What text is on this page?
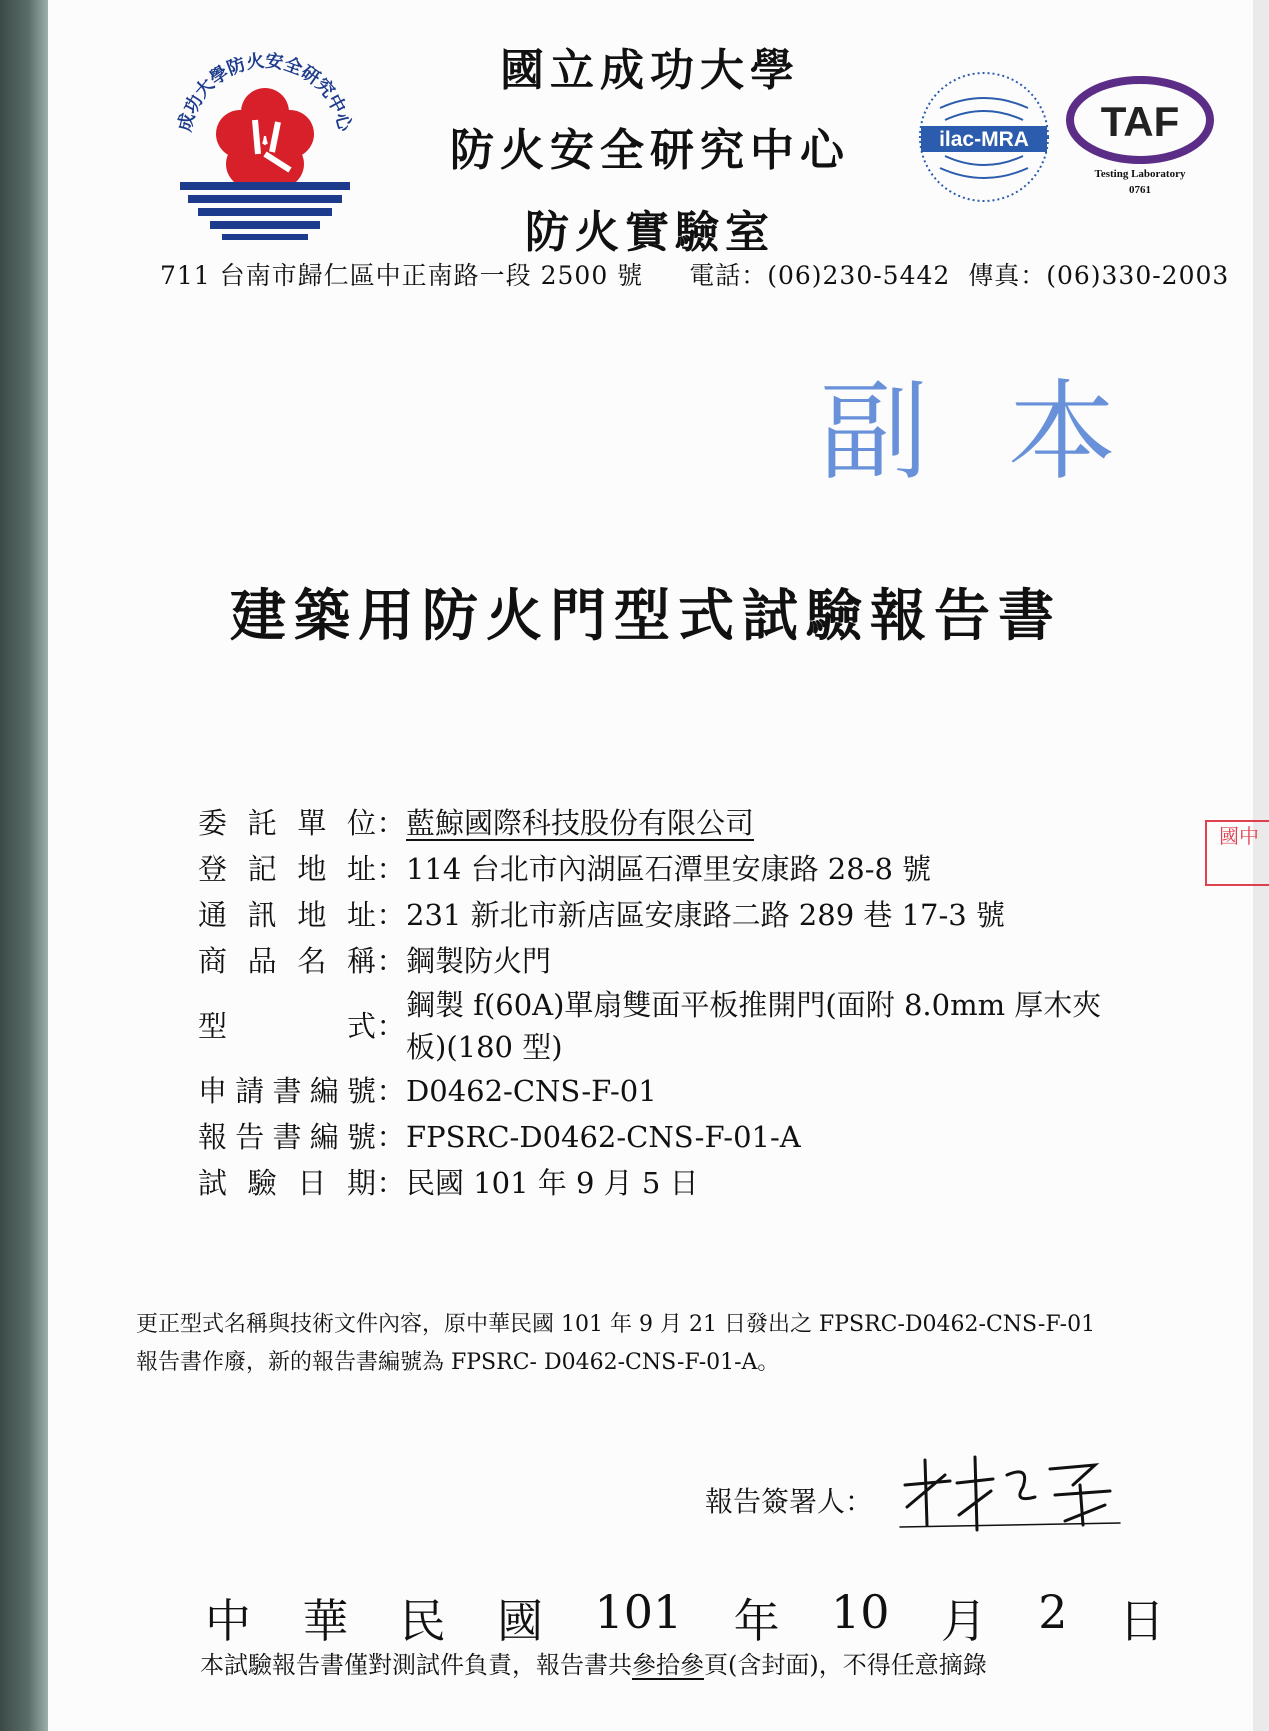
成功大學防火安全研究中心
國立成功大學
防火安全研究中心
防火實驗室
ilac-MRA TAF
Testing Laboratory
0761
711 台南市歸仁區中正南路一段 2500 號 電話：(06)230-5442 傳真：(06)330-2003
副本
建築用防火門型式試驗報告書
委 託 單 位 ： 藍鯨國際科技股份有限公司
登 記 地 址 ： 114 台北市內湖區石潭里安康路 28-8 號
通 訊 地 址 ： 231 新北市新店區安康路二路 289 巷 17-3 號
商 品 名 稱 ： 鋼製防火門
型	式 ：
鋼製 f(60A)單扇雙面平板推開門(面附 8.0mm 厚木夾
板)(180 型)
申 請 書 編 號 ： D0462-CNS-F-01
報 告 書 編 號 ： FPSRC-D0462-CNS-F-01-A
試 驗 日 期 ： 民國 101 年 9 月 5 日
國中
更正型式名稱與技術文件內容，原中華民國 101 年 9 月 21 日發出之 FPSRC-D0462-CNS-F-01
報告書作廢，新的報告書編號為 FPSRC- D0462-CNS-F-01-A。
報告簽署人：
中 華 民 國 101 年 10 月 2 日
本試驗報告書僅對測試件負責，報告書共參拾參頁(含封面)，不得任意摘錄
